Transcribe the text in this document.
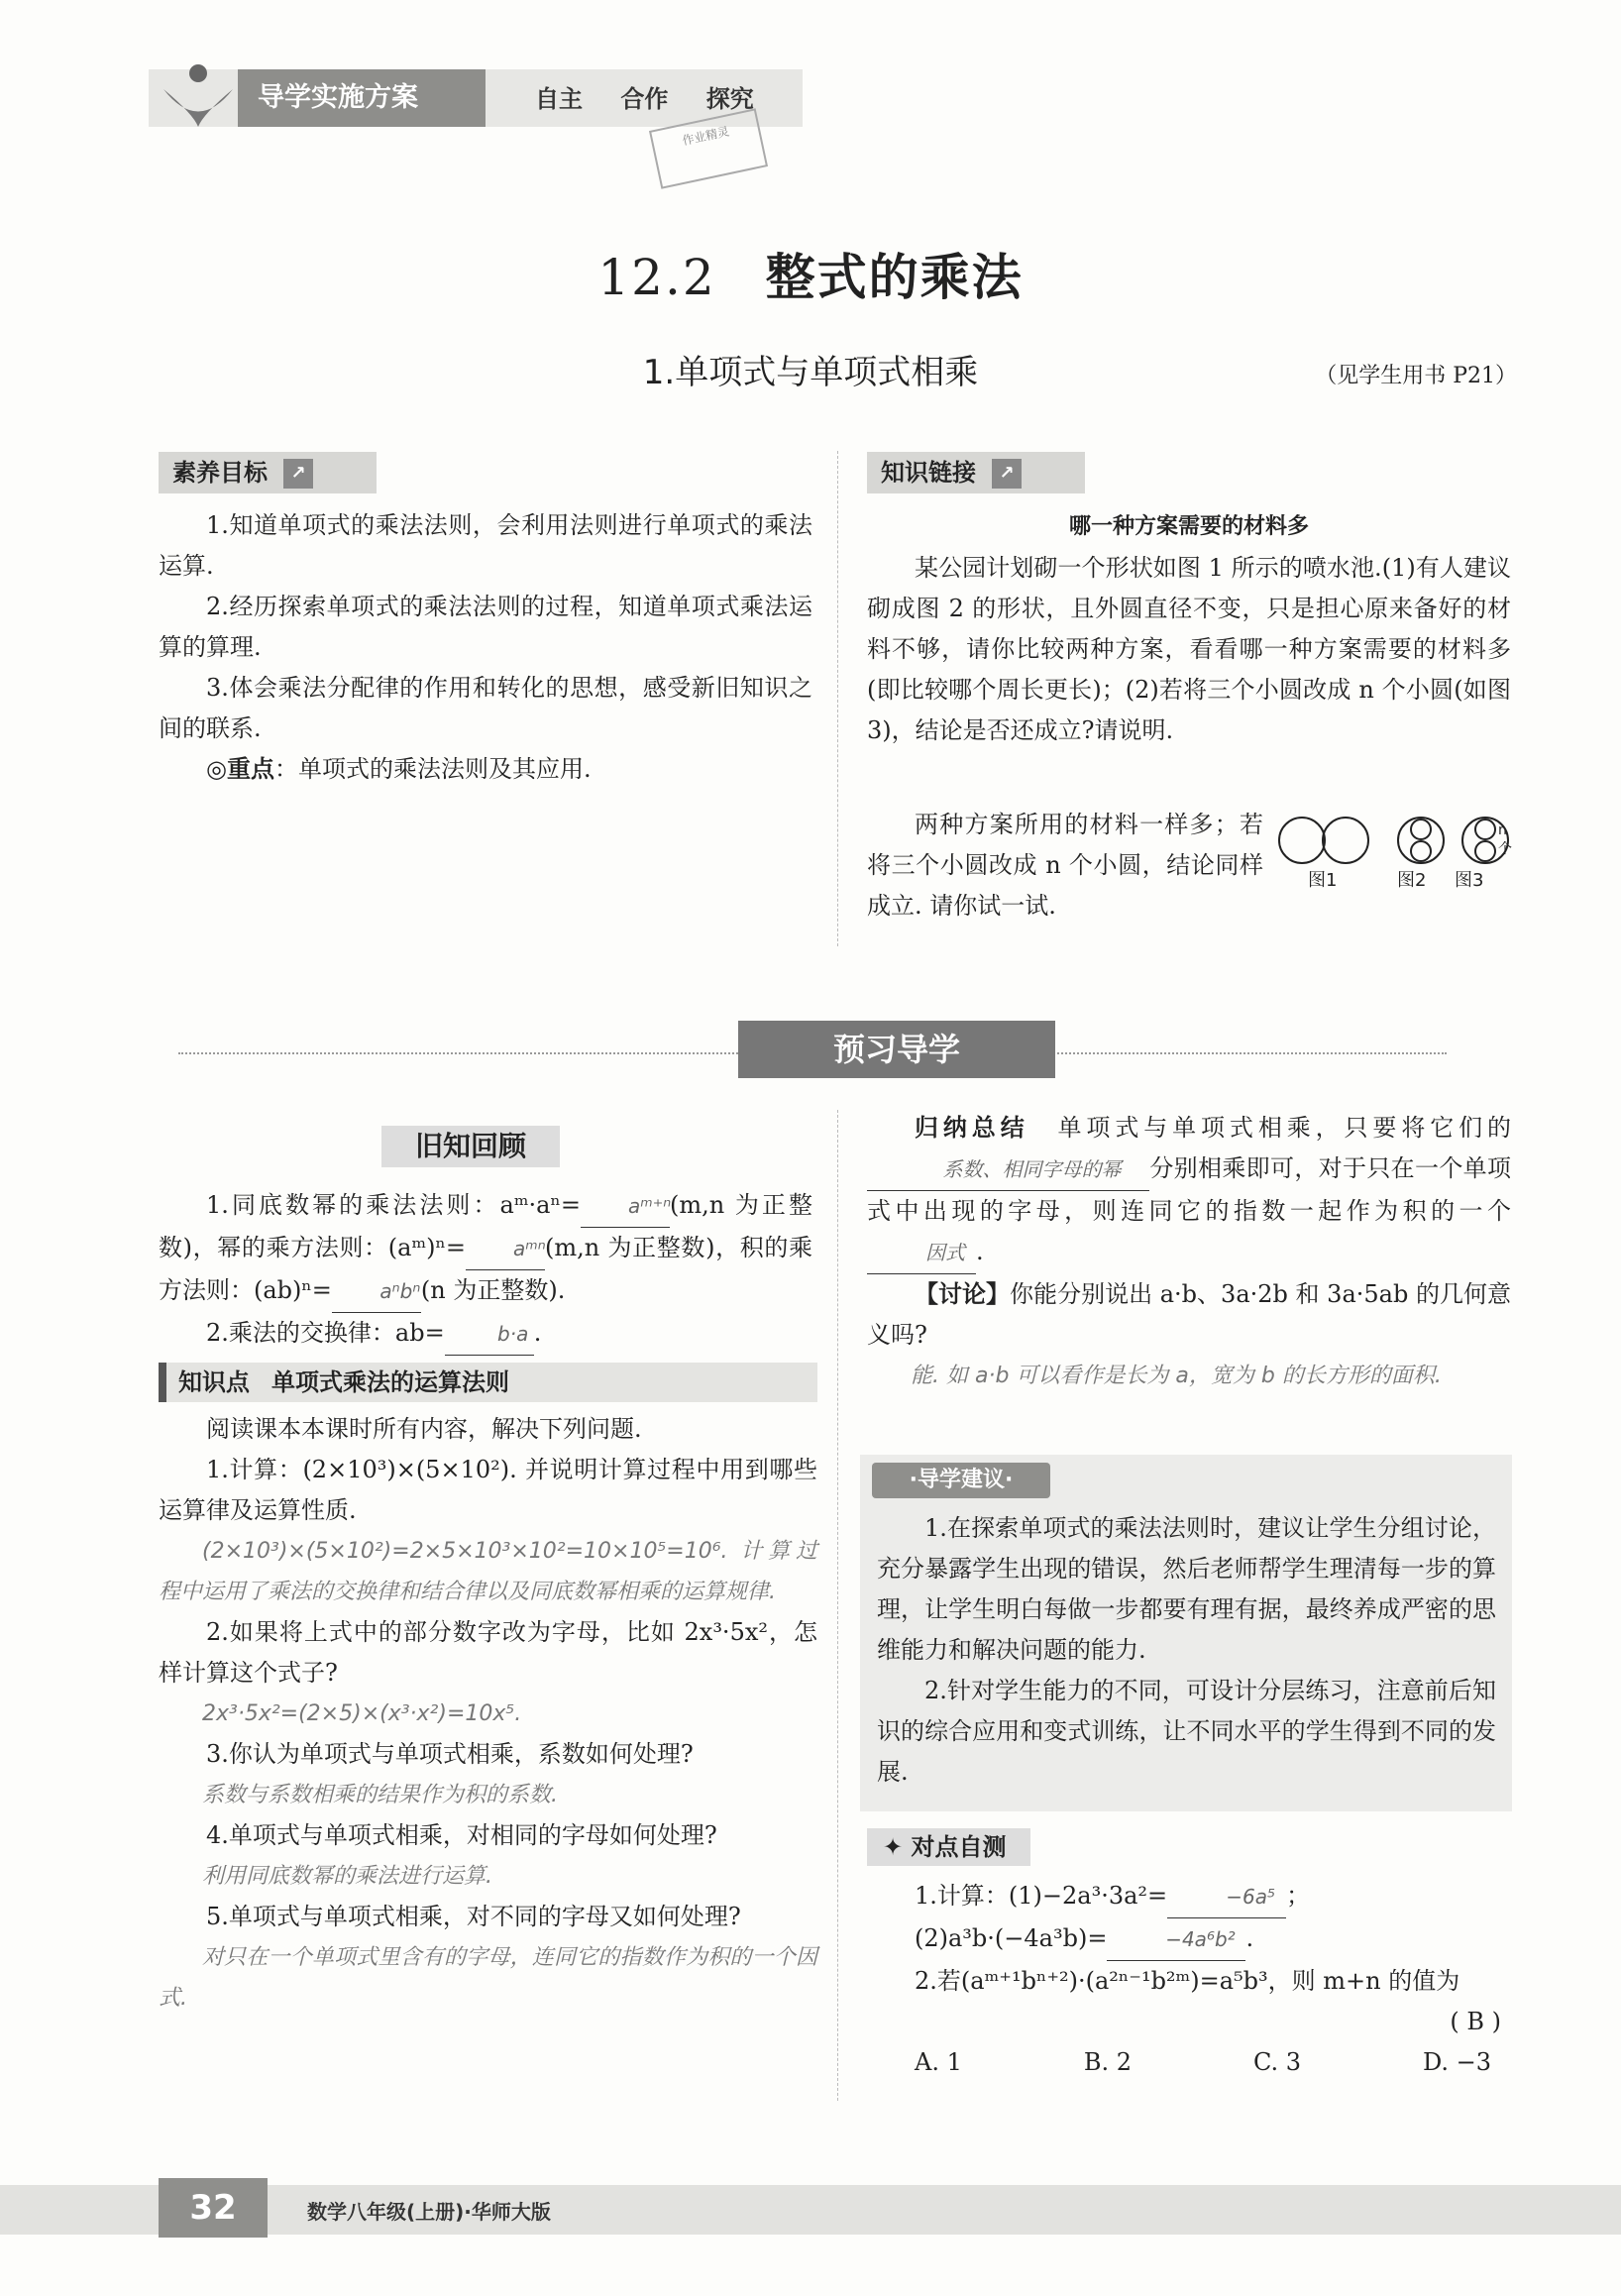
导学实施方案	自主 合作 探究
作业精灵
12.2 整式的乘法
1.单项式与单项式相乘	（见学生用书 P21）
素养目标 ↗

1.知道单项式的乘法法则，会利用法则进行单项式的乘法运算.

2.经历探索单项式的乘法法则的过程，知道单项式乘法运算的算理.

3.体会乘法分配律的作用和转化的思想，感受新旧知识之间的联系.

◎重点：单项式的乘法法则及其应用.

知识链接 ↗
哪一种方案需要的材料多

某公园计划砌一个形状如图 1 所示的喷水池.(1)有人建议砌成图 2 的形状，且外圆直径不变，只是担心原来备好的材料不够，请你比较两种方案，看看哪一种方案需要的材料多(即比较哪个周长更长)；(2)若将三个小圆改成 n 个小圆(如图 3)，结论是否还成立?请说明.

两种方案所用的材料一样多；若将三个小圆改成 n 个小圆，结论同样成立. 请你试一试.

n个
图1	图2 图3
预习导学
旧知回顾

1.同底数幂的乘法法则：aᵐ·aⁿ= aᵐ⁺ⁿ(m,n 为正整数)，幂的乘方法则：(aᵐ)ⁿ= aᵐⁿ(m,n 为正整数)，积的乘方法则：(ab)ⁿ= aⁿbⁿ(n 为正整数).

2.乘法的交换律：ab=	b·a .

知识点 单项式乘法的运算法则

阅读课本本课时所有内容，解决下列问题.

1.计算：(2×10³)×(5×10²). 并说明计算过程中用到哪些运算律及运算性质.

(2×10³)×(5×10²)=2×5×10³×10²=10×10⁵=10⁶. 计算过程中运用了乘法的交换律和结合律以及同底数幂相乘的运算规律.

2.如果将上式中的部分数字改为字母，比如 2x³·5x²，怎样计算这个式子?

2x³·5x²=(2×5)×(x³·x²)=10x⁵.

3.你认为单项式与单项式相乘，系数如何处理?

系数与系数相乘的结果作为积的系数.

4.单项式与单项式相乘，对相同的字母如何处理?

利用同底数幂的乘法进行运算.

5.单项式与单项式相乘，对不同的字母又如何处理?

对只在一个单项式里含有的字母，连同它的指数作为积的一个因式.

归纳总结　 单项式与单项式相乘，只要将它们的系数、相同字母的幂 分别相乘即可，对于只在一个单项式中出现的字母，则连同它的指数一起作为积的一个因式 .

【讨论】你能分别说出 a·b、3a·2b 和 3a·5ab 的几何意义吗?

能. 如 a·b 可以看作是长为 a，宽为 b 的长方形的面积.

·导学建议·

1.在探索单项式的乘法法则时，建议让学生分组讨论，充分暴露学生出现的错误，然后老师帮学生理清每一步的算理，让学生明白每做一步都要有理有据，最终养成严密的思维能力和解决问题的能力.

2.针对学生能力的不同，可设计分层练习，注意前后知识的综合应用和变式训练，让不同水平的学生得到不同的发展.

✦ 对点自测

1.计算：(1)−2a³·3a²=	−6a⁵ ；

(2)a³b·(−4a³b)=	−4a⁶b² .

2.若(aᵐ⁺¹bⁿ⁺²)·(a²ⁿ⁻¹b²ᵐ)=a⁵b³，则 m+n 的值为

( B )

A. 1	B. 2	C. 3	D. −3
32	数学八年级(上册)·华师大版
